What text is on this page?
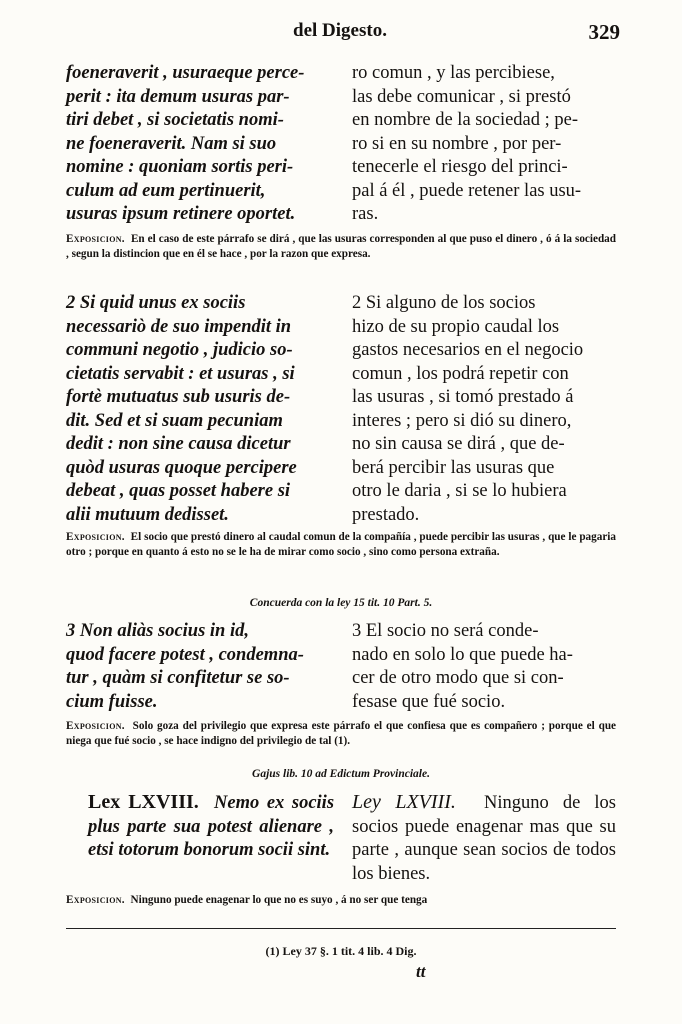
del Digesto.	329
foeneraverit , usuraeque perce-
perit : ita demum usuras par-
tiri debet , si societatis nomi-
ne foeneraverit. Nam si suo
nomine : quoniam sortis peri-
culum ad eum pertinuerit,
usuras ipsum retinere oportet.
ro comun , y las percibiese,
las debe comunicar , si prestó
en nombre de la sociedad ; pe-
ro si en su nombre , por per-
tenecerle el riesgo del princi-
pal á él , puede retener las usu-
ras.
Exposicion. En el caso de este párrafo se dirá , que las usuras corresponden al que puso el dinero , ó á la sociedad , segun la distincion que en él se hace , por la razon que expresa.
2 Si quid unus ex sociis
necessariò de suo impendit in
communi negotio , judicio so-
cietatis servabit : et usuras , si
fortè mutuatus sub usuris de-
dit. Sed et si suam pecuniam
dedit : non sine causa dicetur
quòd usuras quoque percipere
debeat , quas posset habere si
alii mutuum dedisset.
2 Si alguno de los socios
hizo de su propio caudal los
gastos necesarios en el negocio
comun , los podrá repetir con
las usuras , si tomó prestado á
interes ; pero si dió su dinero,
no sin causa se dirá , que de-
berá percibir las usuras que
otro le daria , si se lo hubiera
prestado.
Exposicion. El socio que prestó dinero al caudal comun de la compañía , puede percibir las usuras , que le pagaria otro ; porque en quanto á esto no se le ha de mirar como socio , sino como persona extraña.
Concuerda con la ley 15 tit. 10 Part. 5.
3 Non aliàs socius in id,
quod facere potest , condemna-
tur , quàm si confitetur se so-
cium fuisse.
3 El socio no será conde-
nado en solo lo que puede ha-
cer de otro modo que si con-
fesase que fué socio.
Exposicion. Solo goza del privilegio que expresa este párrafo el que confiesa que es compañero ; porque el que niega que fué socio , se hace indigno del privilegio de tal (1).
Gajus lib. 10 ad Edictum Provinciale.
Lex LXVIII. Nemo ex sociis plus parte sua potest alienare , etsi totorum bonorum socii sint.
Ley LXVIII. Ninguno de los socios puede enagenar mas que su parte , aunque sean socios de todos los bienes.
Exposicion. Ninguno puede enagenar lo que no es suyo , á no ser que tenga
(1) Ley 37 §. 1 tit. 4 lib. 4 Dig.
tt
